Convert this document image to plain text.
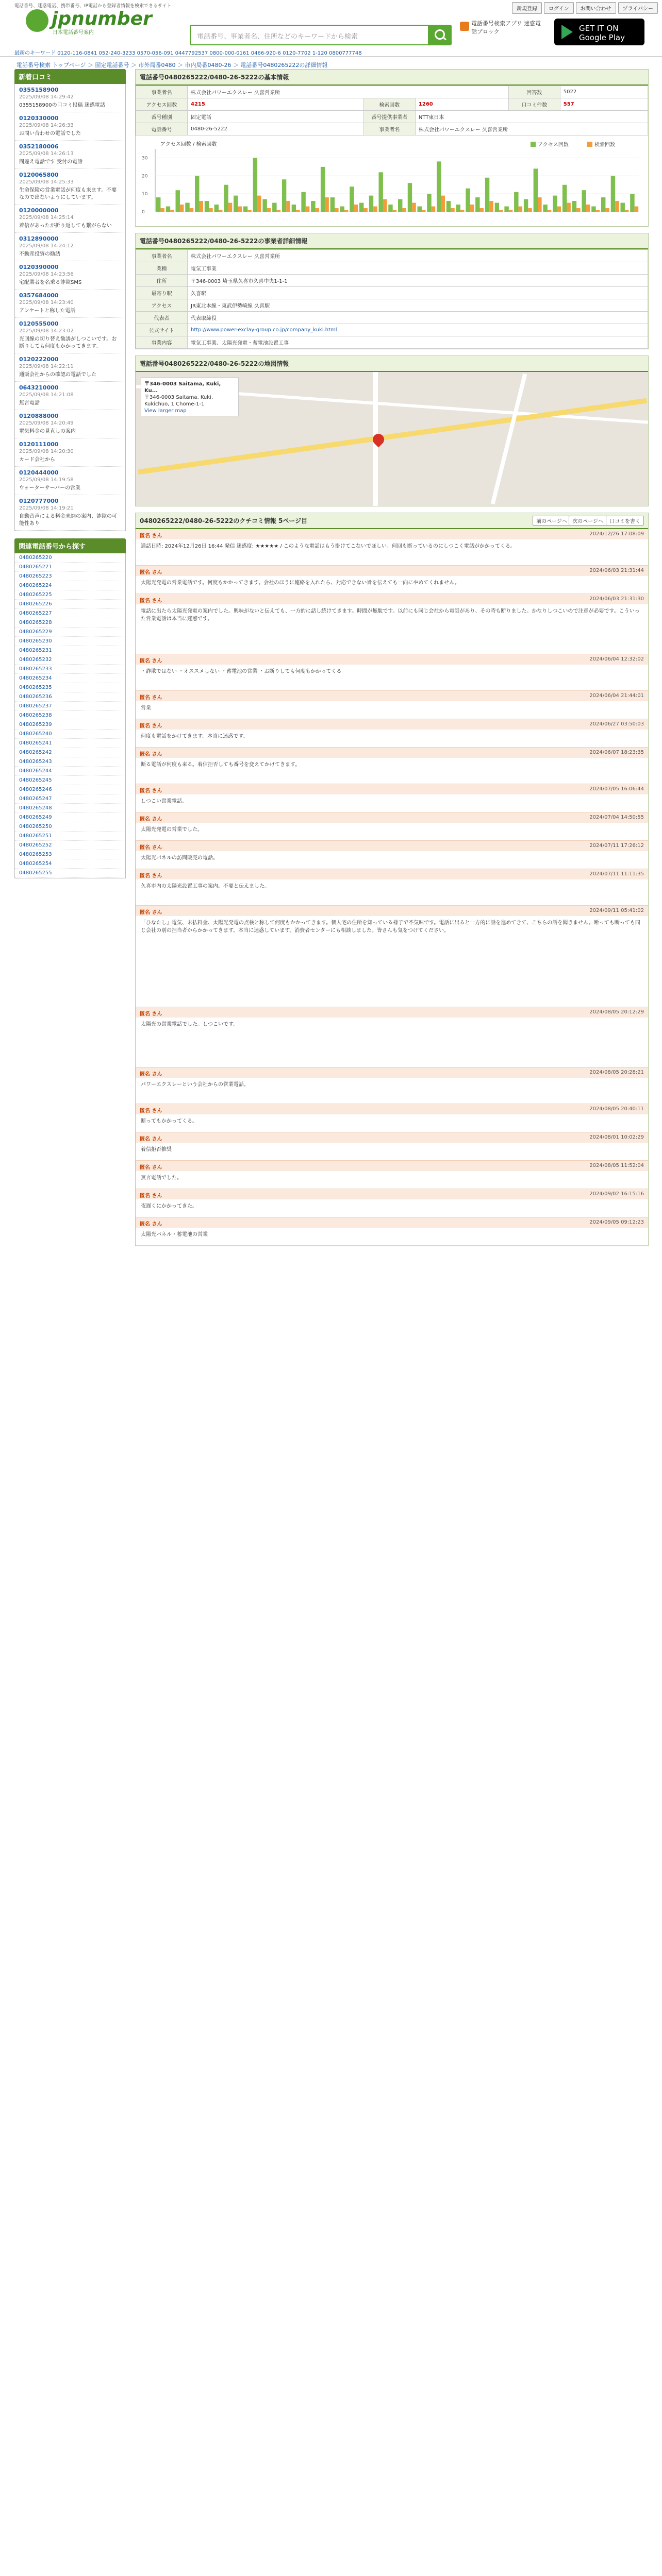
電話番号、迷惑電話、携帯番号、IP電話から登録者情報を検索できるサイト
jpnumber
日本電話番号案内
電話番号、事業者名、住所などのキーワードから検索
新規登録	ログイン	お問い合わせ	プライバシー
電話番号検索アプリ 迷惑電話ブロック	GET IT ON Google Play
最新のキーワード 0120-116-0841 052-240-3233 0570-056-091 0447792537 0800-000-0161 0466-920-6 0120-7702 1-120 0800777748
電話番号検索 トップページ ＞ 固定電話番号 ＞ 市外局番0480 ＞ 市内局番0480-26 ＞ 電話番号0480265222の詳細情報
新着口コミ
0355158900
2025/09/08 14:29:42
0355158900の口コミ投稿 迷惑電話
0120330000
2025/09/08 14:26:33
お問い合わせの電話でした
0352180006
2025/09/08 14:26:13
間違え電話です 受付の電話
0120065800
2025/09/08 14:25:33
生命保険の営業電話が何度も来ます。不要なので出ないようにしています。
0120000000
2025/09/08 14:25:14
着信があったが折り返しても繋がらない
0312890000
2025/09/08 14:24:12
不動産投資の勧誘
0120390000
2025/09/08 14:23:56
宅配業者を名乗る詐欺SMS
0357684000
2025/09/08 14:23:40
アンケートと称した電話
0120555000
2025/09/08 14:23:02
光回線の切り替え勧誘がしつこいです。お断りしても何度もかかってきます。
0120222000
2025/09/08 14:22:11
通販会社からの確認の電話でした
0643210000
2025/09/08 14:21:08
無言電話
0120888000
2025/09/08 14:20:49
電気料金の見直しの案内
0120111000
2025/09/08 14:20:30
カード会社から
0120444000
2025/09/08 14:19:58
ウォーターサーバーの営業
0120777000
2025/09/08 14:19:21
自動音声による料金未納の案内、詐欺の可能性あり
関連電話番号から探す
0480265220
0480265221
0480265223
0480265224
0480265225
0480265226
0480265227
0480265228
0480265229
0480265230
0480265231
0480265232
0480265233
0480265234
0480265235
0480265236
0480265237
0480265238
0480265239
0480265240
0480265241
0480265242
0480265243
0480265244
0480265245
0480265246
0480265247
0480265248
0480265249
0480265250
0480265251
0480265252
0480265253
0480265254
0480265255
電話番号0480265222/0480-26-5222の基本情報
事業者名	株式会社パワーエクスレー 久喜営業所			回答数	5022
アクセス回数	4215	検索回数	1260	口コミ件数	557
番号種別	固定電話	番号提供事業者	NTT東日本		
電話番号	0480-26-5222	事業者名	株式会社パワーエクスレー 久喜営業所		
アクセス回数 / 検索回数
0
10
20
30
アクセス回数	検索回数
電話番号0480265222/0480-26-5222の事業者詳細情報
事業者名	株式会社パワーエクスレー 久喜営業所
業種	電気工事業
住所	〒346-0003 埼玉県久喜市久喜中央1-1-1
最寄り駅	久喜駅
アクセス	JR東北本線・東武伊勢崎線 久喜駅
代表者	代表取締役
公式サイト	http://www.power-exclay-group.co.jp/company_kuki.html
事業内容	電気工事業、太陽光発電・蓄電池設置工事
電話番号0480265222/0480-26-5222の地図情報
〒346-0003 Saitama, Kuki, Ku...
〒346-0003 Saitama, Kuki, Kukichuo, 1 Chome-1-1
View larger map
0480265222/0480-26-5222のクチコミ情報 5ページ目	前のページへ	次のページへ	口コミを書く
匿名 さん	2024/12/26 17:08:09
通話日時: 2024年12月26日 16:44 発信 迷惑度: ★★★★★ / このような電話はもう掛けてこないでほしい。何回も断っているのにしつこく電話がかかってくる。
匿名 さん	2024/06/03 21:31:44
太陽光発電の営業電話です。何度もかかってきます。会社のほうに連絡を入れたら、対応できない旨を伝えても一向にやめてくれません。
匿名 さん	2024/06/03 21:31:30
電話に出たら太陽光発電の案内でした。興味がないと伝えても、一方的に話し続けてきます。時間が無駄です。以前にも同じ会社から電話があり、その時も断りました。かなりしつこいので注意が必要です。こういった営業電話は本当に迷惑です。
匿名 さん	2024/06/04 12:32:02
・詐欺ではない ・オススメしない ・蓄電池の営業 ・お断りしても何度もかかってくる
匿名 さん	2024/06/04 21:44:01
営業
匿名 さん	2024/06/27 03:50:03
何度も電話をかけてきます。本当に迷惑です。
匿名 さん	2024/06/07 18:23:35
断る電話が何度も来る。着信拒否しても番号を変えてかけてきます。
匿名 さん	2024/07/05 16:06:44
しつこい営業電話。
匿名 さん	2024/07/04 14:50:55
太陽光発電の営業でした。
匿名 さん	2024/07/11 17:26:12
太陽光パネルの訪問販売の電話。
匿名 さん	2024/07/11 11:11:35
久喜市内の太陽光設置工事の案内。不要と伝えました。
匿名 さん	2024/09/11 05:41:02
「ひなたし」電気、未払料金、太陽光発電の点検と称して何度もかかってきます。個人宅の住所を知っている様子で不気味です。電話に出ると一方的に話を進めてきて、こちらの話を聞きません。断っても断っても同じ会社の別の担当者からかかってきます。本当に迷惑しています。消費者センターにも相談しました。皆さんも気をつけてください。
匿名 さん	2024/08/05 20:12:29
太陽光の営業電話でした。しつこいです。
匿名 さん	2024/08/05 20:28:21
パワーエクスレーという会社からの営業電話。
匿名 さん	2024/08/05 20:40:11
断ってもかかってくる。
匿名 さん	2024/08/01 10:02:29
着信拒否推奨
匿名 さん	2024/08/05 11:52:04
無言電話でした。
匿名 さん	2024/09/02 16:15:16
夜遅くにかかってきた。
匿名 さん	2024/09/05 09:12:23
太陽光パネル・蓄電池の営業
